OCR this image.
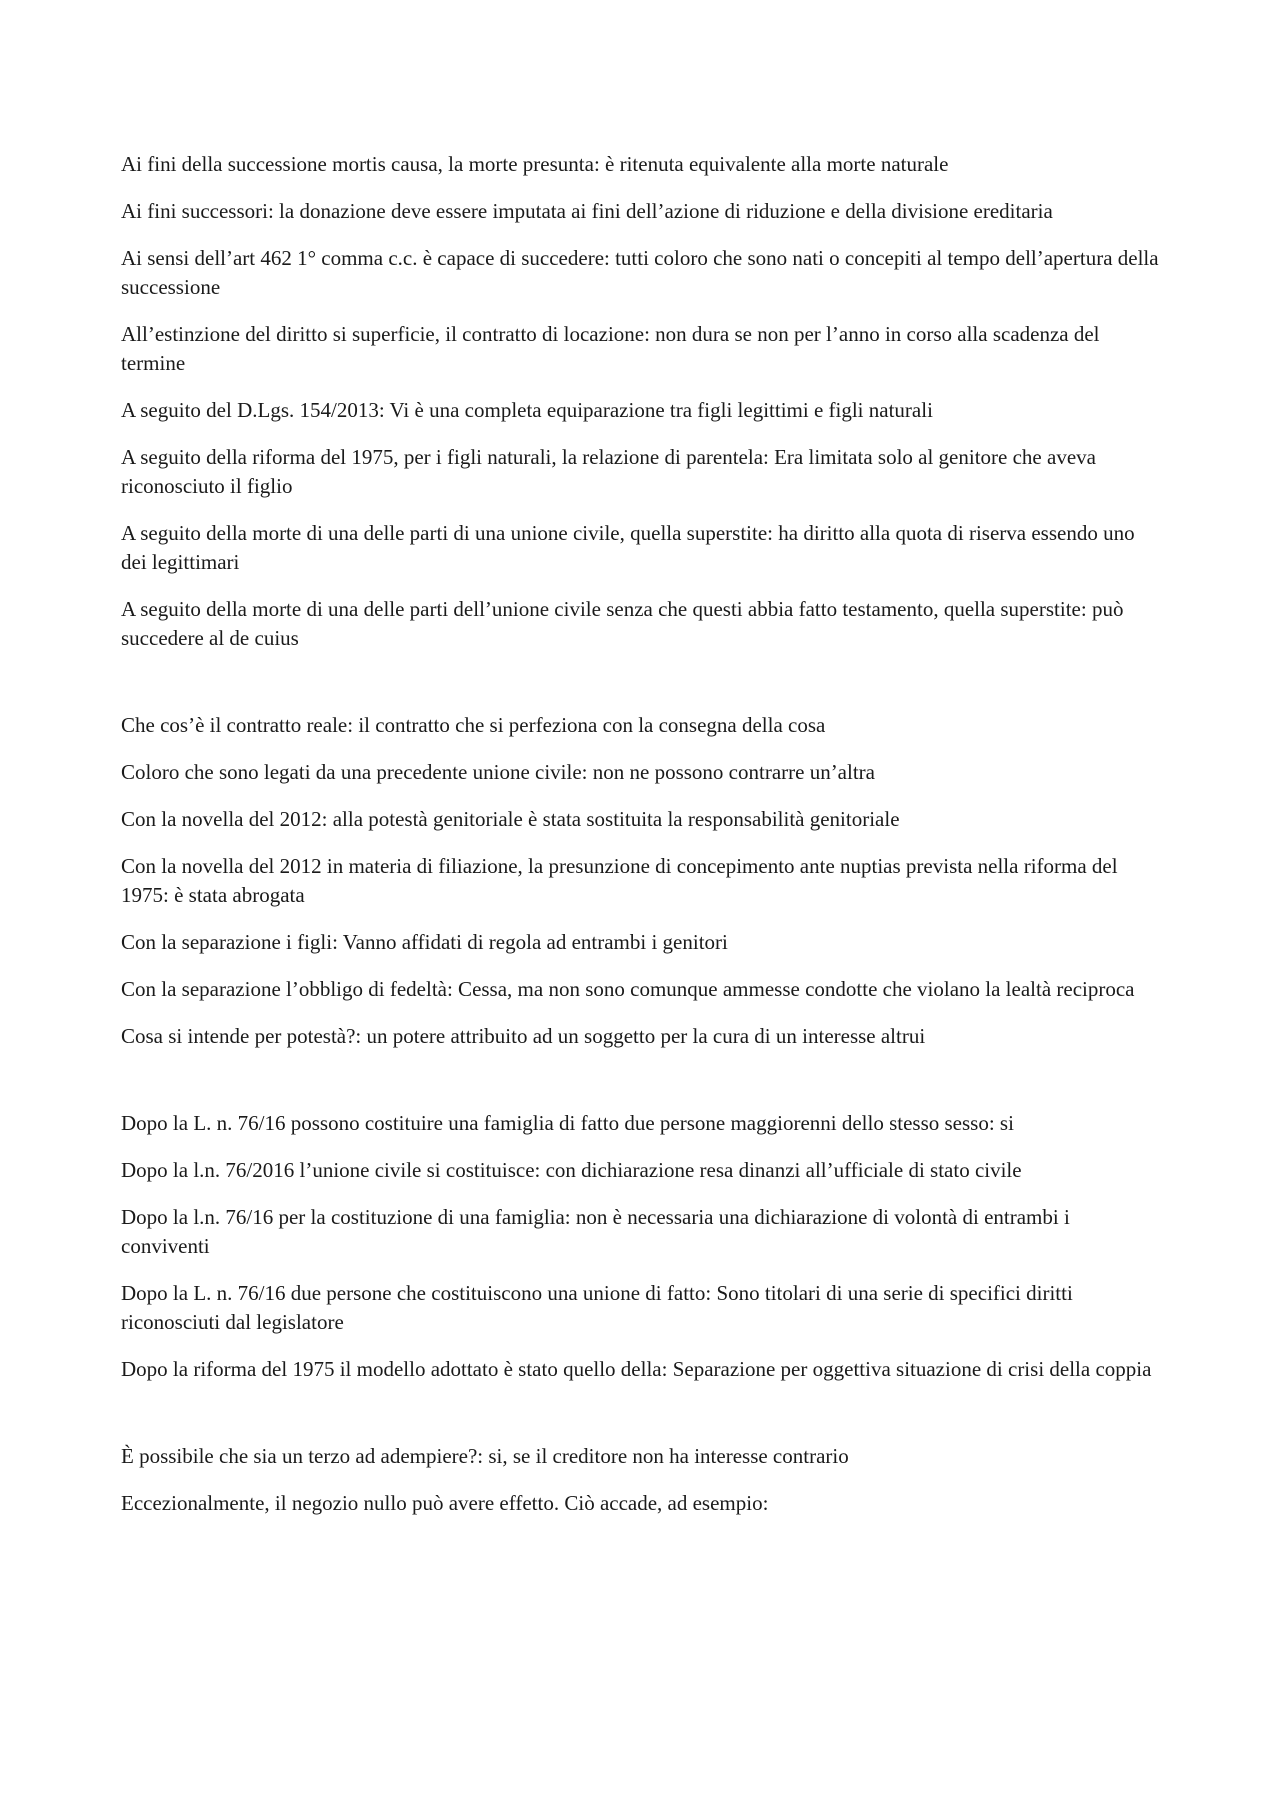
Ai fini della successione mortis causa, la morte presunta: è ritenuta equivalente alla morte naturale

Ai fini successori: la donazione deve essere imputata ai fini dell’azione di riduzione e della divisione ereditaria

Ai sensi dell’art 462 1° comma c.c. è capace di succedere: tutti coloro che sono nati o concepiti al tempo dell’apertura della successione

All’estinzione del diritto si superficie, il contratto di locazione: non dura se non per l’anno in corso alla scadenza del termine

A seguito del D.Lgs. 154/2013: Vi è una completa equiparazione tra figli legittimi e figli naturali

A seguito della riforma del 1975, per i figli naturali, la relazione di parentela: Era limitata solo al genitore che aveva riconosciuto il figlio

A seguito della morte di una delle parti di una unione civile, quella superstite: ha diritto alla quota di riserva essendo uno dei legittimari

A seguito della morte di una delle parti dell’unione civile senza che questi abbia fatto testamento, quella superstite: può succedere al de cuius

Che cos’è il contratto reale: il contratto che si perfeziona con la consegna della cosa

Coloro che sono legati da una precedente unione civile: non ne possono contrarre un’altra

Con la novella del 2012: alla potestà genitoriale è stata sostituita la responsabilità genitoriale

Con la novella del 2012 in materia di filiazione, la presunzione di concepimento ante nuptias prevista nella riforma del 1975: è stata abrogata

Con la separazione i figli: Vanno affidati di regola ad entrambi i genitori

Con la separazione l’obbligo di fedeltà: Cessa, ma non sono comunque ammesse condotte che violano la lealtà reciproca

Cosa si intende per potestà?: un potere attribuito ad un soggetto per la cura di un interesse altrui

Dopo la L. n. 76/16 possono costituire una famiglia di fatto due persone maggiorenni dello stesso sesso: si

Dopo la l.n. 76/2016 l’unione civile si costituisce: con dichiarazione resa dinanzi all’ufficiale di stato civile

Dopo la l.n. 76/16 per la costituzione di una famiglia: non è necessaria una dichiarazione di volontà di entrambi i conviventi

Dopo la L. n. 76/16 due persone che costituiscono una unione di fatto: Sono titolari di una serie di specifici diritti riconosciuti dal legislatore

Dopo la riforma del 1975 il modello adottato è stato quello della: Separazione per oggettiva situazione di crisi della coppia

È possibile che sia un terzo ad adempiere?: si, se il creditore non ha interesse contrario

Eccezionalmente, il negozio nullo può avere effetto. Ciò accade, ad esempio:
